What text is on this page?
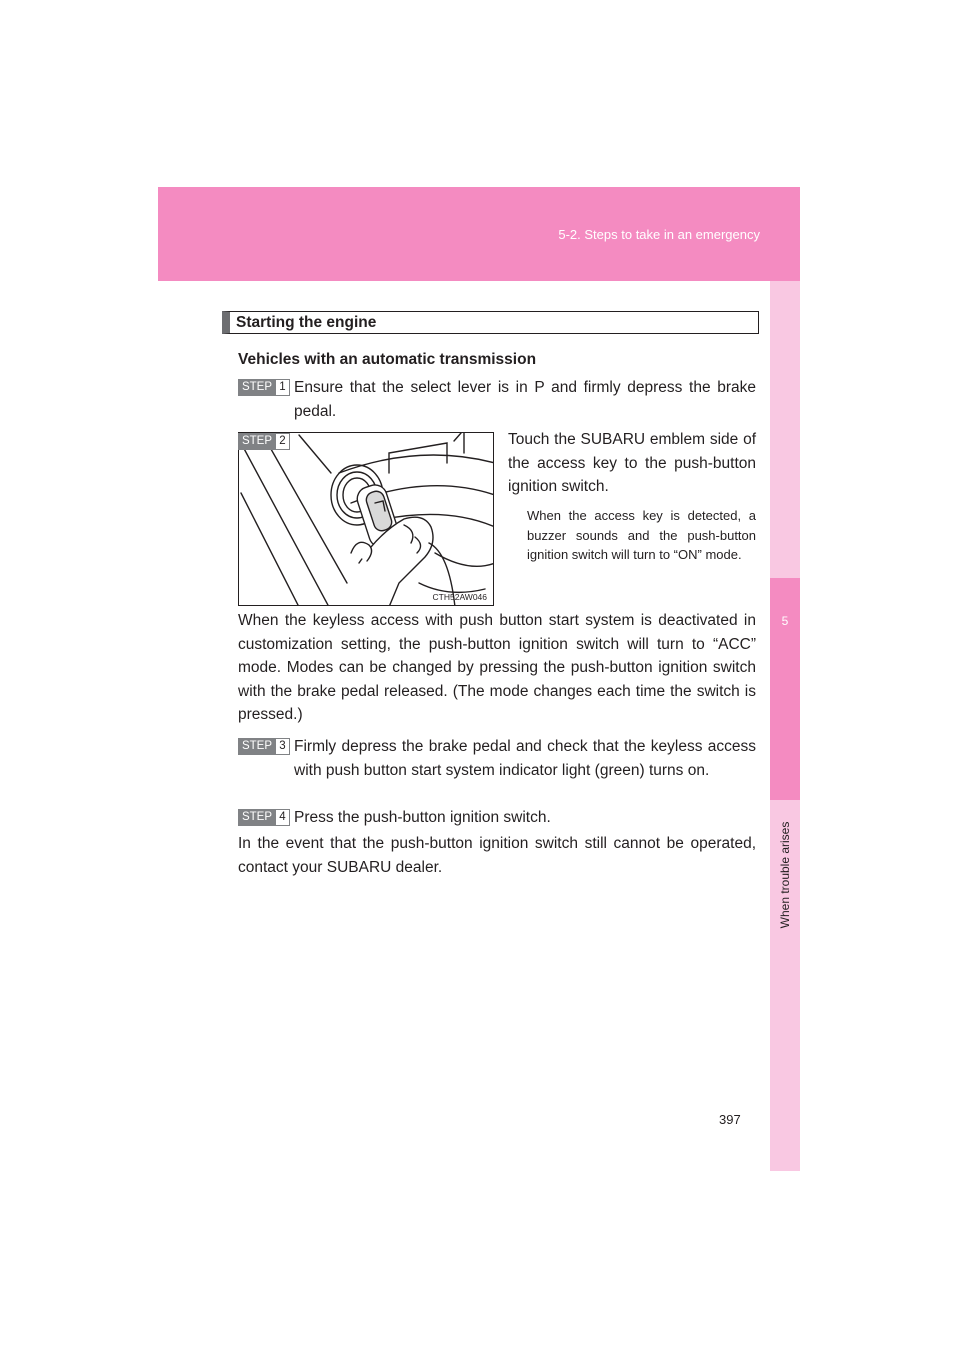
5-2. Steps to take in an emergency
5
When trouble arises
Starting the engine
Vehicles with an automatic transmission
STEP 1 Ensure that the select lever is in P and firmly depress the brake pedal.
CTH52AW046
STEP 2	Touch the SUBARU emblem side of the access key to the push-button ignition switch.
When the access key is detected, a buzzer sounds and the push-button ignition switch will turn to “ON” mode.
When the keyless access with push button start system is deactivated in customization setting, the push-button ignition switch will turn to “ACC” mode. Modes can be changed by pressing the push-button ignition switch with the brake pedal released. (The mode changes each time the switch is pressed.)
STEP 3 Firmly depress the brake pedal and check that the keyless access with push button start system indicator light (green) turns on.
STEP 4 Press the push-button ignition switch.
In the event that the push-button ignition switch still cannot be operated, contact your SUBARU dealer.
397
